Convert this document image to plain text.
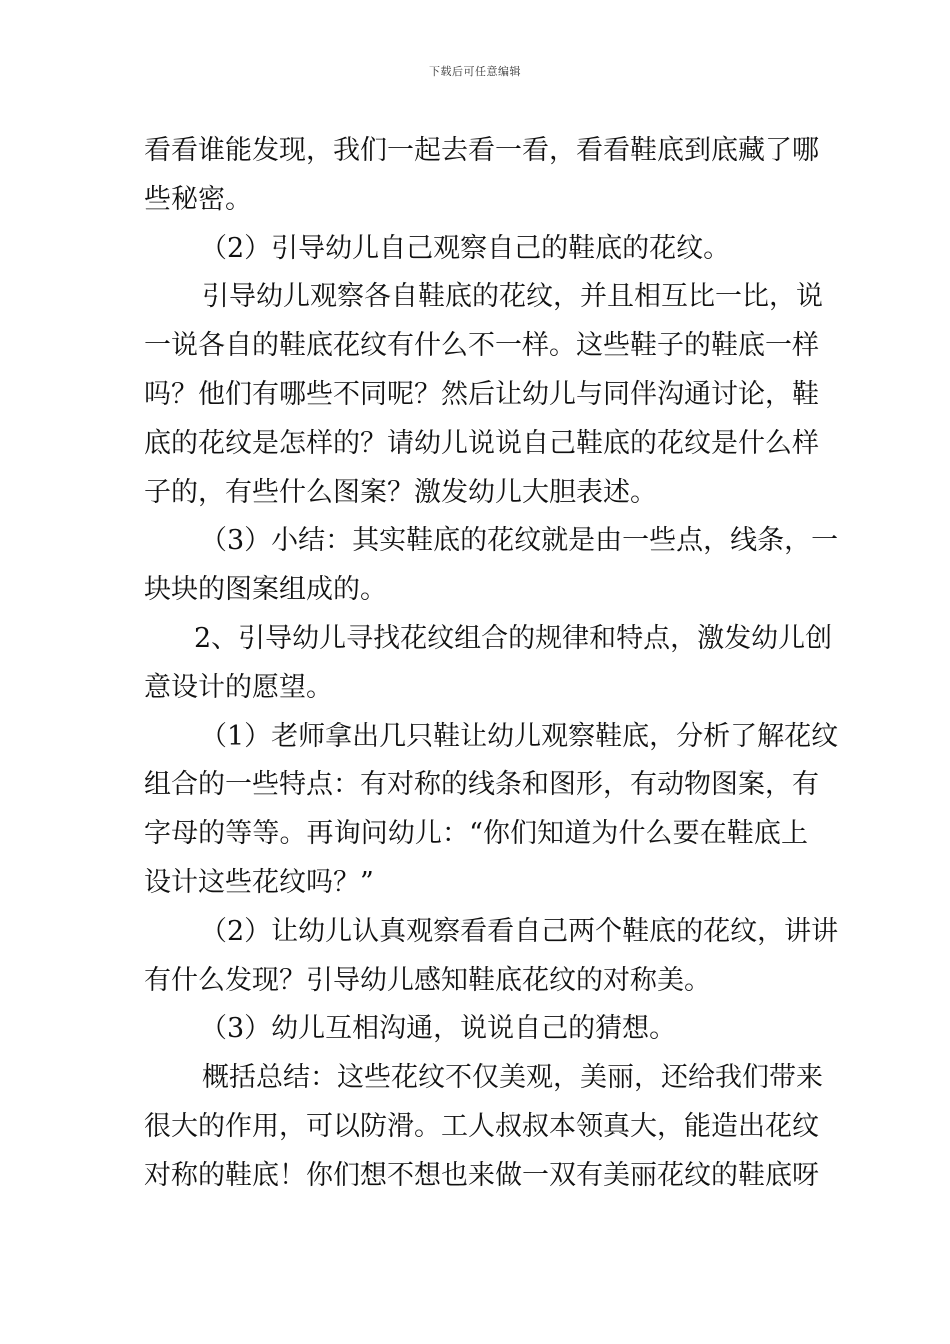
下载后可任意编辑
看看谁能发现，我们一起去看一看，看看鞋底到底藏了哪
些秘密。
（2）引导幼儿自己观察自己的鞋底的花纹。
引导幼儿观察各自鞋底的花纹，并且相互比一比，说
一说各自的鞋底花纹有什么不一样。这些鞋子的鞋底一样
吗？他们有哪些不同呢？然后让幼儿与同伴沟通讨论，鞋
底的花纹是怎样的？请幼儿说说自己鞋底的花纹是什么样
子的，有些什么图案？激发幼儿大胆表述。
（3）小结：其实鞋底的花纹就是由一些点，线条，一
块块的图案组成的。
2、引导幼儿寻找花纹组合的规律和特点，激发幼儿创
意设计的愿望。
（1）老师拿出几只鞋让幼儿观察鞋底，分析了解花纹
组合的一些特点：有对称的线条和图形，有动物图案，有
字母的等等。再询问幼儿：“你们知道为什么要在鞋底上
设计这些花纹吗？”
（2）让幼儿认真观察看看自己两个鞋底的花纹，讲讲
有什么发现？引导幼儿感知鞋底花纹的对称美。
（3）幼儿互相沟通，说说自己的猜想。
概括总结：这些花纹不仅美观，美丽，还给我们带来
很大的作用，可以防滑。工人叔叔本领真大，能造出花纹
对称的鞋底！你们想不想也来做一双有美丽花纹的鞋底呀
